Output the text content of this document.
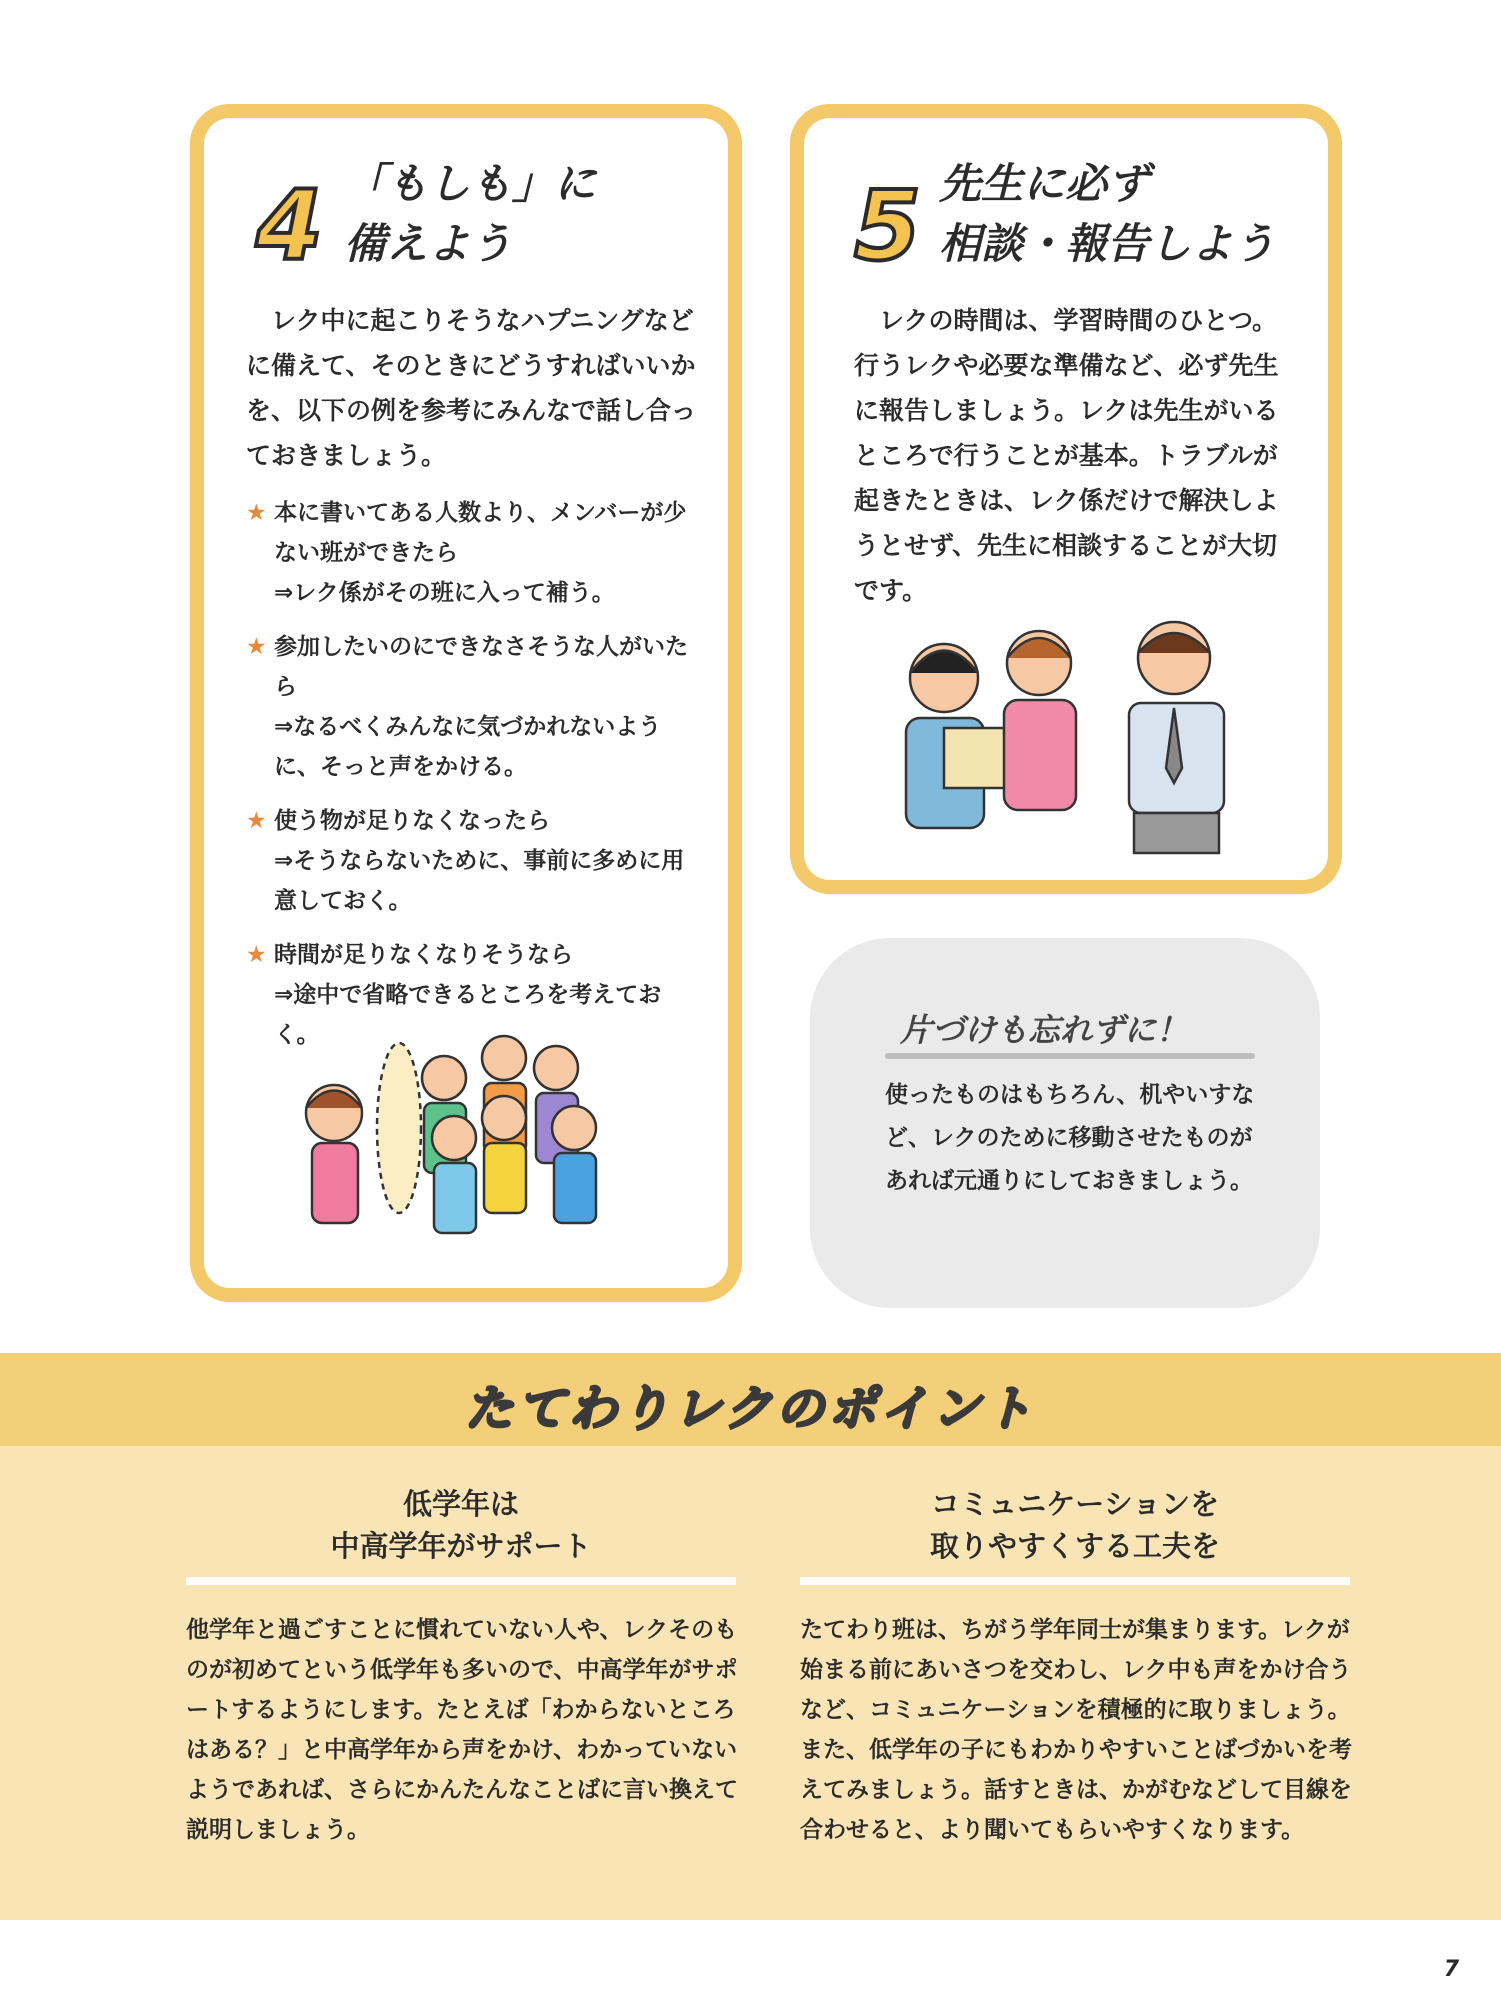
4 「もしも」に
備えよう
レク中に起こりそうなハプニングなどに備えて、そのときにどうすればいいかを、以下の例を参考にみんなで話し合っておきましょう。
★ 本に書いてある人数より、メンバーが少ない班ができたら
⇒レク係がその班に入って補う。
★ 参加したいのにできなさそうな人がいたら
⇒なるべくみんなに気づかれないように、そっと声をかける。
★ 使う物が足りなくなったら
⇒そうならないために、事前に多めに用意しておく。
★ 時間が足りなくなりそうなら
⇒途中で省略できるところを考えておく。
5 先生に必ず
相談・報告しよう
レクの時間は、学習時間のひとつ。行うレクや必要な準備など、必ず先生に報告しましょう。レクは先生がいるところで行うことが基本。トラブルが起きたときは、レク係だけで解決しようとせず、先生に相談することが大切です。
片づけも忘れずに！
使ったものはもちろん、机やいすなど、レクのために移動させたものがあれば元通りにしておきましょう。
たてわりレクのポイント
低学年は
中高学年がサポート
他学年と過ごすことに慣れていない人や、レクそのものが初めてという低学年も多いので、中高学年がサポートするようにします。たとえば「わからないところはある？」と中高学年から声をかけ、わかっていないようであれば、さらにかんたんなことばに言い換えて説明しましょう。
コミュニケーションを
取りやすくする工夫を
たてわり班は、ちがう学年同士が集まります。レクが始まる前にあいさつを交わし、レク中も声をかけ合うなど、コミュニケーションを積極的に取りましょう。また、低学年の子にもわかりやすいことばづかいを考えてみましょう。話すときは、かがむなどして目線を合わせると、より聞いてもらいやすくなります。
7
